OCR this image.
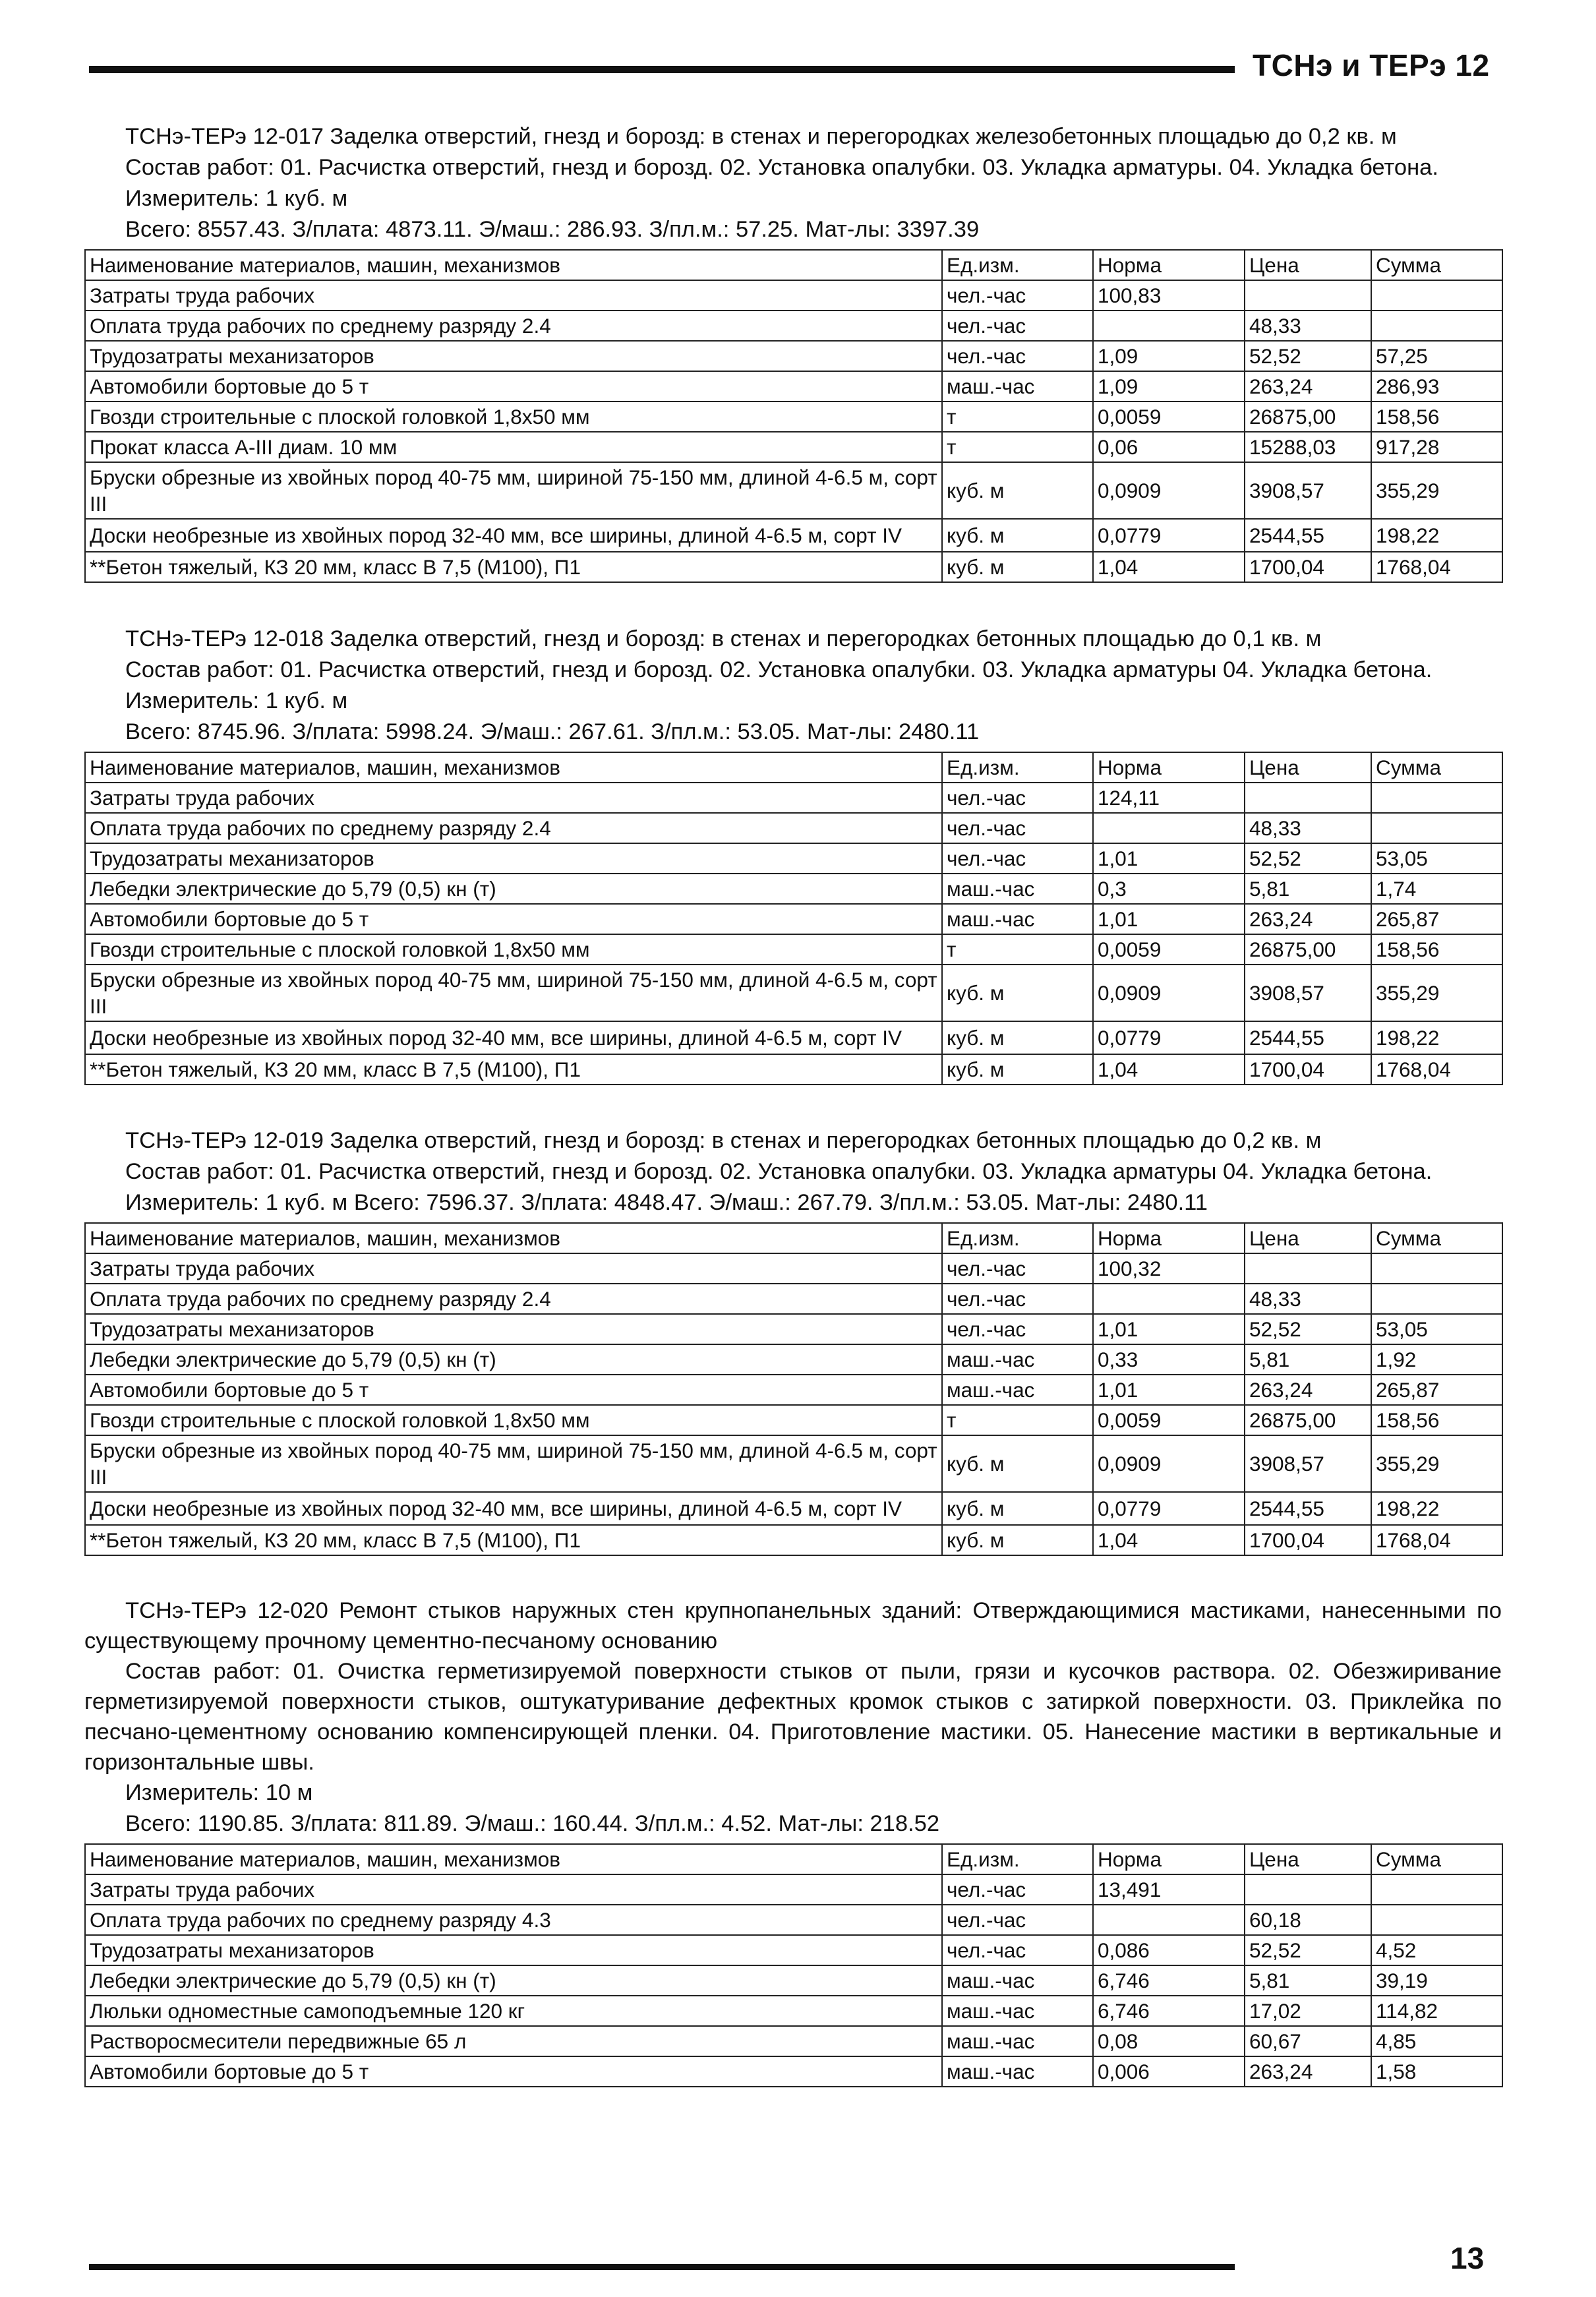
ТСНэ и ТЕРэ 12
ТСНэ-ТЕРэ 12-017 Заделка отверстий, гнезд и борозд: в стенах и перегородках железобетонных площадью до 0,2 кв. м
Состав работ: 01. Расчистка отверстий, гнезд и борозд. 02. Установка опалубки. 03. Укладка арматуры. 04. Укладка бетона.
Измеритель: 1 куб. м
Всего: 8557.43. З/плата: 4873.11. Э/маш.: 286.93. З/пл.м.: 57.25. Мат-лы: 3397.39
Наименование материалов, машин, механизмов	Ед.изм.	Норма	Цена	Сумма
Затраты труда рабочих	чел.-час	100,83		
Оплата труда рабочих по среднему разряду 2.4	чел.-час		48,33	
Трудозатраты механизаторов	чел.-час	1,09	52,52	57,25
Автомобили бортовые до 5 т	маш.-час	1,09	263,24	286,93
Гвозди строительные с плоской головкой 1,8х50 мм	т	0,0059	26875,00	158,56
Прокат класса А-III диам. 10 мм	т	0,06	15288,03	917,28
Бруски обрезные из хвойных пород 40-75 мм, шириной 75-150 мм, длиной 4-6.5 м, сорт III	куб. м	0,0909	3908,57	355,29
Доски необрезные из хвойных пород 32-40 мм, все ширины, длиной 4-6.5 м, сорт IV	куб. м	0,0779	2544,55	198,22
**Бетон тяжелый, КЗ 20 мм, класс В 7,5 (М100), П1	куб. м	1,04	1700,04	1768,04
ТСНэ-ТЕРэ 12-018 Заделка отверстий, гнезд и борозд: в стенах и перегородках бетонных площадью до 0,1 кв. м
Состав работ: 01. Расчистка отверстий, гнезд и борозд. 02. Установка опалубки. 03. Укладка арматуры 04. Укладка бетона.
Измеритель: 1 куб. м
Всего: 8745.96. З/плата: 5998.24. Э/маш.: 267.61. З/пл.м.: 53.05. Мат-лы: 2480.11
Наименование материалов, машин, механизмов	Ед.изм.	Норма	Цена	Сумма
Затраты труда рабочих	чел.-час	124,11		
Оплата труда рабочих по среднему разряду 2.4	чел.-час		48,33	
Трудозатраты механизаторов	чел.-час	1,01	52,52	53,05
Лебедки электрические до 5,79 (0,5) кн (т)	маш.-час	0,3	5,81	1,74
Автомобили бортовые до 5 т	маш.-час	1,01	263,24	265,87
Гвозди строительные с плоской головкой 1,8х50 мм	т	0,0059	26875,00	158,56
Бруски обрезные из хвойных пород 40-75 мм, шириной 75-150 мм, длиной 4-6.5 м, сорт III	куб. м	0,0909	3908,57	355,29
Доски необрезные из хвойных пород 32-40 мм, все ширины, длиной 4-6.5 м, сорт IV	куб. м	0,0779	2544,55	198,22
**Бетон тяжелый, КЗ 20 мм, класс В 7,5 (М100), П1	куб. м	1,04	1700,04	1768,04
ТСНэ-ТЕРэ 12-019 Заделка отверстий, гнезд и борозд: в стенах и перегородках бетонных площадью до 0,2 кв. м
Состав работ: 01. Расчистка отверстий, гнезд и борозд. 02. Установка опалубки. 03. Укладка арматуры 04. Укладка бетона.
Измеритель: 1 куб. м Всего: 7596.37. З/плата: 4848.47. Э/маш.: 267.79. З/пл.м.: 53.05. Мат-лы: 2480.11
Наименование материалов, машин, механизмов	Ед.изм.	Норма	Цена	Сумма
Затраты труда рабочих	чел.-час	100,32		
Оплата труда рабочих по среднему разряду 2.4	чел.-час		48,33	
Трудозатраты механизаторов	чел.-час	1,01	52,52	53,05
Лебедки электрические до 5,79 (0,5) кн (т)	маш.-час	0,33	5,81	1,92
Автомобили бортовые до 5 т	маш.-час	1,01	263,24	265,87
Гвозди строительные с плоской головкой 1,8х50 мм	т	0,0059	26875,00	158,56
Бруски обрезные из хвойных пород 40-75 мм, шириной 75-150 мм, длиной 4-6.5 м, сорт III	куб. м	0,0909	3908,57	355,29
Доски необрезные из хвойных пород 32-40 мм, все ширины, длиной 4-6.5 м, сорт IV	куб. м	0,0779	2544,55	198,22
**Бетон тяжелый, КЗ 20 мм, класс В 7,5 (М100), П1	куб. м	1,04	1700,04	1768,04
ТСНэ-ТЕРэ 12-020 Ремонт стыков наружных стен крупнопанельных зданий: Отверждающимися мастиками, нанесенными по существующему прочному цементно-песчаному основанию
Состав работ: 01. Очистка герметизируемой поверхности стыков от пыли, грязи и кусочков раствора. 02. Обезжиривание герметизируемой поверхности стыков, оштукатуривание дефектных кромок стыков с затиркой поверхности. 03. Приклейка по песчано-цементному основанию компенсирующей пленки. 04. Приготовление мастики. 05. Нанесение мастики в вертикальные и горизонтальные швы.
Измеритель: 10 м
Всего: 1190.85. З/плата: 811.89. Э/маш.: 160.44. З/пл.м.: 4.52. Мат-лы: 218.52
Наименование материалов, машин, механизмов	Ед.изм.	Норма	Цена	Сумма
Затраты труда рабочих	чел.-час	13,491		
Оплата труда рабочих по среднему разряду 4.3	чел.-час		60,18	
Трудозатраты механизаторов	чел.-час	0,086	52,52	4,52
Лебедки электрические до 5,79 (0,5) кн (т)	маш.-час	6,746	5,81	39,19
Люльки одноместные самоподъемные 120 кг	маш.-час	6,746	17,02	114,82
Растворосмесители передвижные 65 л	маш.-час	0,08	60,67	4,85
Автомобили бортовые до 5 т	маш.-час	0,006	263,24	1,58
13
